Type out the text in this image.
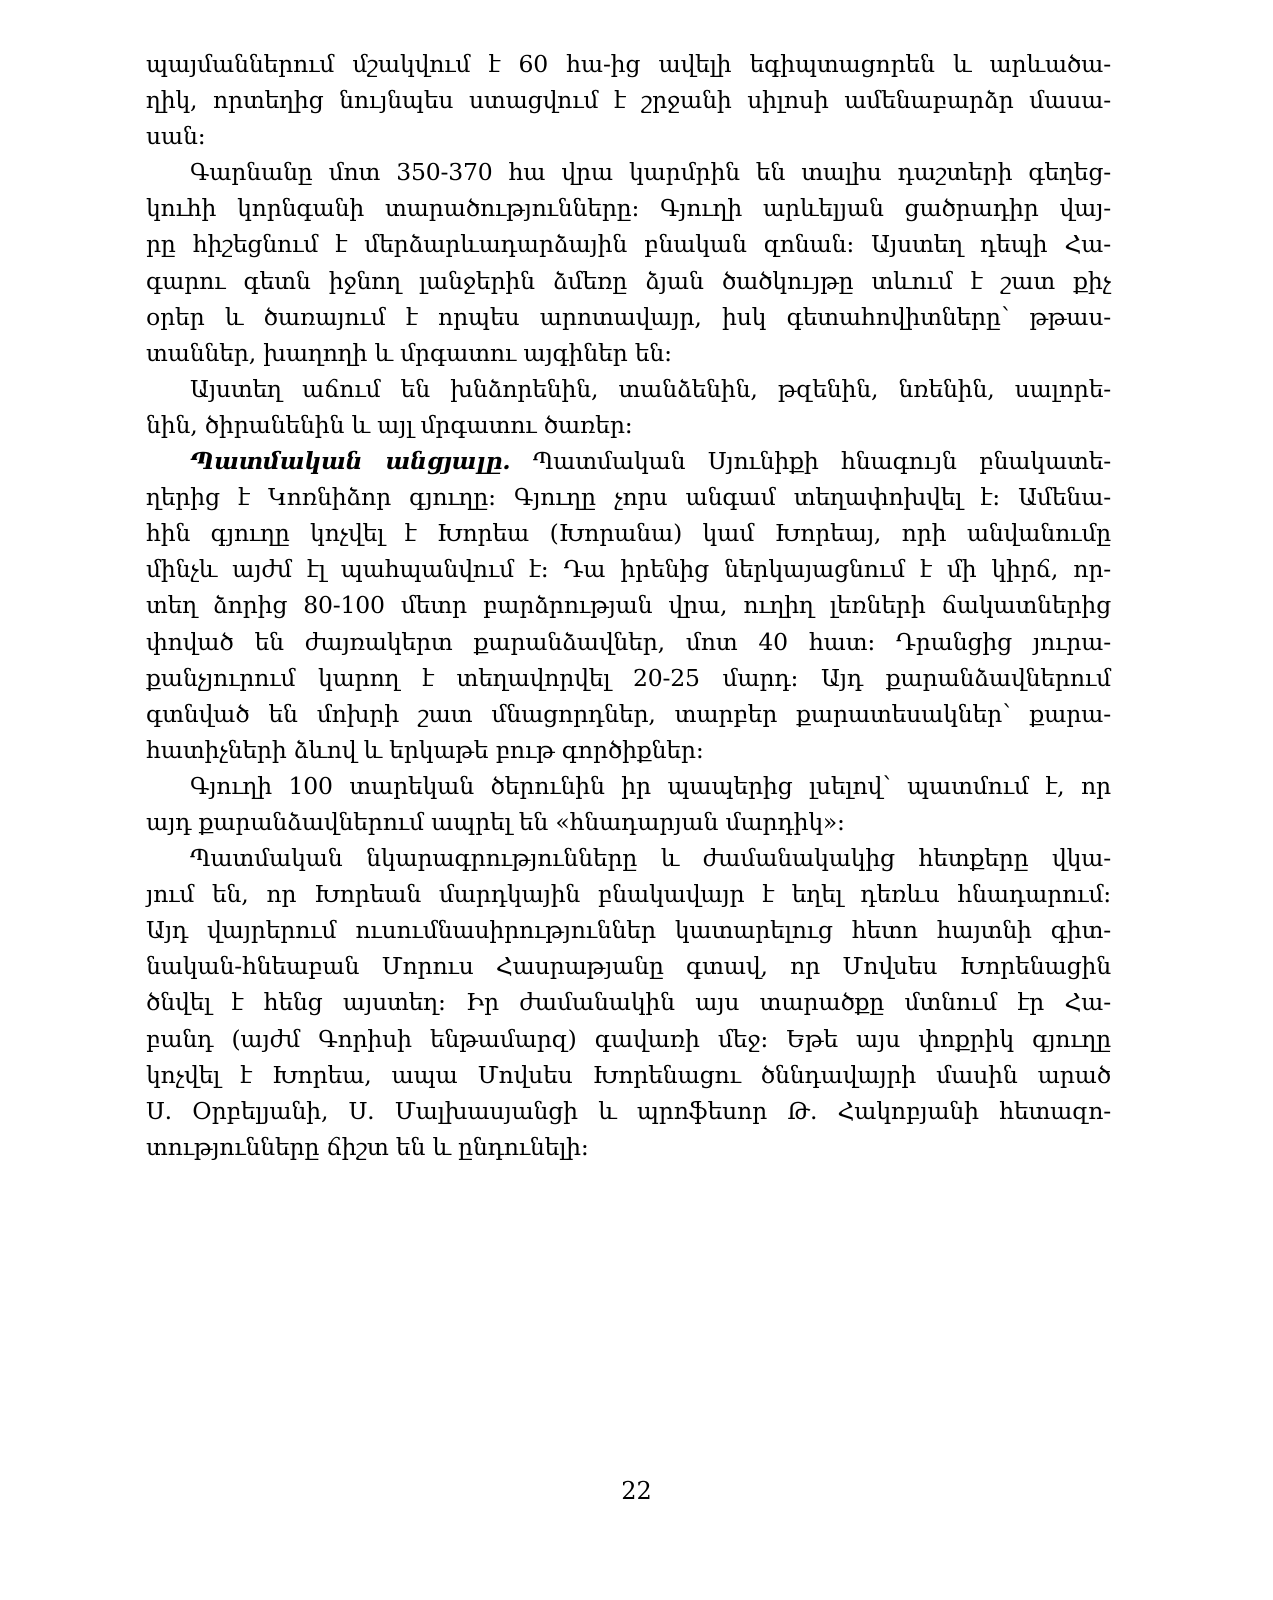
պայմաններում մշակվում է 60 հա-ից ավելի եգիպտացորեն և արևածա-
ղիկ, որտեղից նույնպես ստացվում է շրջանի սիլոսի ամենաբարձր մասա-
սան:
Գարնանը մոտ 350-370 հա վրա կարմրին են տալիս դաշտերի գեղեց-
կուհի կորնգանի տարածությունները: Գյուղի արևելյան ցածրադիր վայ-
րը հիշեցնում է մերձարևադարձային բնական զոնան: Այստեղ դեպի Հա-
գարու գետն իջնող լանջերին ձմեռը ձյան ծածկույթը տևում է շատ քիչ
օրեր և ծառայում է որպես արոտավայր, իսկ գետահովիտները՝ թթաս-
տաններ, խաղողի և մրգատու այգիներ են:
Այստեղ աճում են խնձորենին, տանձենին, թզենին, նռենին, սալորե-
նին, ծիրանենին և այլ մրգատու ծառեր:
Պատմական անցյալը. Պատմական Սյունիքի հնագույն բնակատե-
ղերից է Կոռնիձոր գյուղը: Գյուղը չորս անգամ տեղափոխվել է: Ամենա-
հին գյուղը կոչվել է Խորեա (Խորանա) կամ Խորեայ, որի անվանումը
մինչև այժմ էլ պահպանվում է: Դա իրենից ներկայացնում է մի կիրճ, որ-
տեղ ձորից 80-100 մետր բարձրության վրա, ուղիղ լեռների ճակատներից
փոված են ժայռակերտ քարանձավներ, մոտ 40 հատ: Դրանցից յուրա-
քանչյուրում կարող է տեղավորվել 20-25 մարդ: Այդ քարանձավներում
գտնված են մոխրի շատ մնացորդներ, տարբեր քարատեսակներ՝ քարա-
հատիչների ձևով և երկաթե բութ գործիքներ:
Գյուղի 100 տարեկան ծերունին իր պապերից լսելով՝ պատմում է, որ
այդ քարանձավներում ապրել են «հնադարյան մարդիկ»:
Պատմական նկարագրությունները և ժամանակակից հետքերը վկա-
յում են, որ Խորեան մարդկային բնակավայր է եղել դեռևս հնադարում:
Այդ վայրերում ուսումնասիրություններ կատարելուց հետո հայտնի գիտ-
նական-հնեաբան Մորուս Հասրաթյանը գտավ, որ Մովսես Խորենացին
ծնվել է հենց այստեղ: Իր ժամանակին այս տարածքը մտնում էր Հա-
բանդ (այժմ Գորիսի ենթամարզ) գավառի մեջ: Եթե այս փոքրիկ գյուղը
կոչվել է Խորեա, ապա Մովսես Խորենացու ծննդավայրի մասին արած
Ս. Օրբելյանի, Ս. Մալխասյանցի և պրոֆեսոր Թ. Հակոբյանի հետազո-
տությունները ճիշտ են և ընդունելի:
22
